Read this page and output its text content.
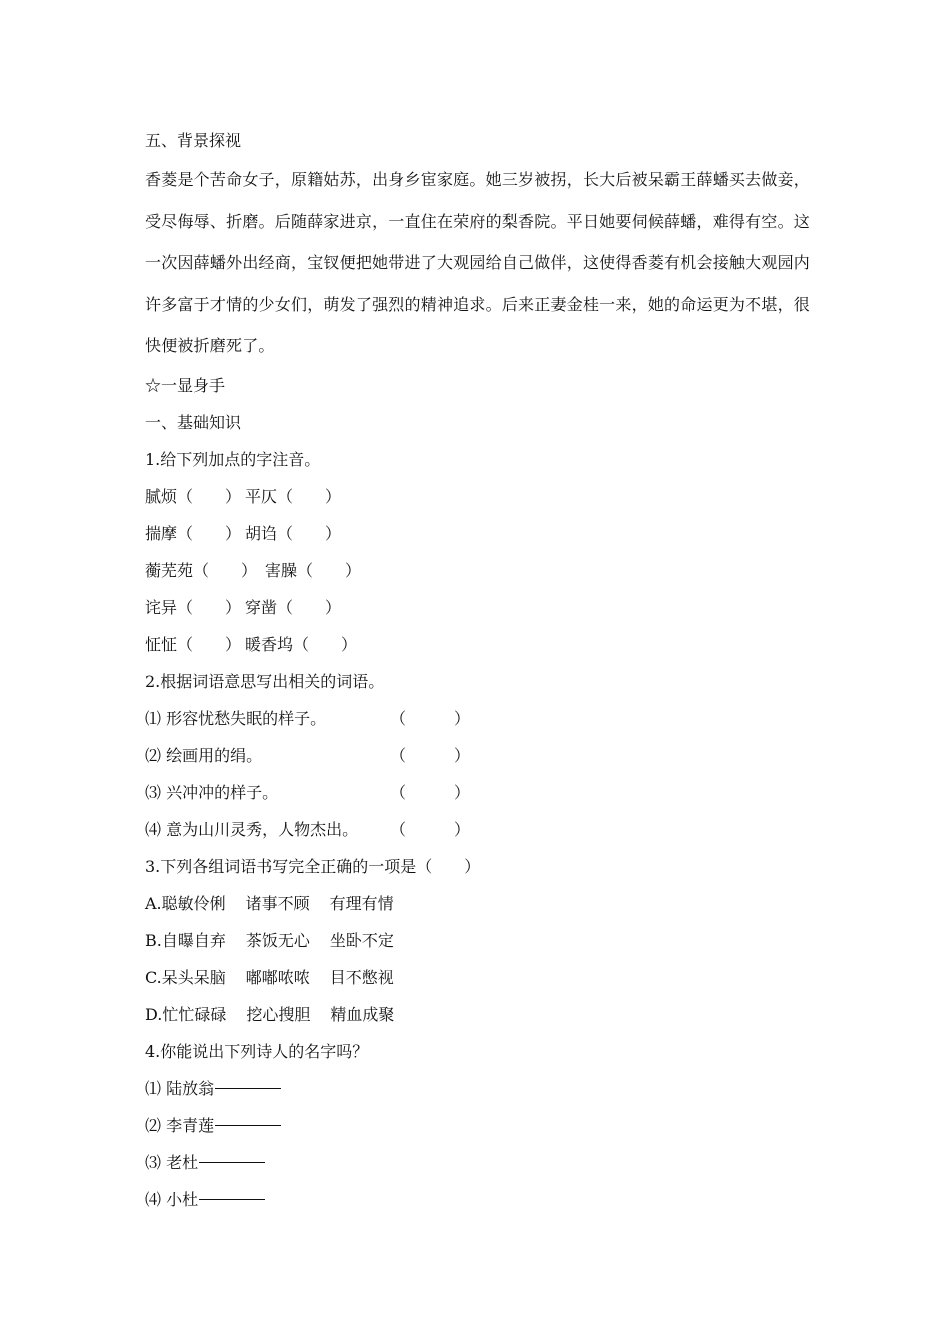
五、背景探视

香菱是个苦命女子，原籍姑苏，出身乡宦家庭。她三岁被拐，长大后被呆霸王薛蟠买去做妾，受尽侮辱、折磨。后随薛家进京，一直住在荣府的梨香院。平日她要伺候薛蟠，难得有空。这一次因薛蟠外出经商，宝钗便把她带进了大观园给自己做伴，这使得香菱有机会接触大观园内许多富于才情的少女们，萌发了强烈的精神追求。后来正妻金桂一来，她的命运更为不堪，很快便被折磨死了。

☆一显身手
一、基础知识
1.给下列加点的字注音。
腻烦（　　） 平仄（　　）
揣摩（　　） 胡诌（　　）
蘅芜苑（　　） 害臊（　　）
诧异（　　） 穿凿（　　）
怔怔（　　） 暖香坞（　　）
2.根据词语意思写出相关的词语。
⑴ 形容忧愁失眠的样子。	（　　　）
⑵ 绘画用的绢。	（　　　）
⑶ 兴冲冲的样子。	（　　　）
⑷ 意为山川灵秀，人物杰出。	（　　　）
3.下列各组词语书写完全正确的一项是（　　）
A. 聪敏伶俐	诸事不顾	有理有情
B. 自曝自弃	茶饭无心	坐卧不定
C. 呆头呆脑	嘟嘟哝哝	目不憋视
D. 忙忙碌碌	挖心搜胆	精血成聚
4.你能说出下列诗人的名字吗？
⑴ 陆放翁
⑵ 李青莲
⑶ 老杜
⑷ 小杜
